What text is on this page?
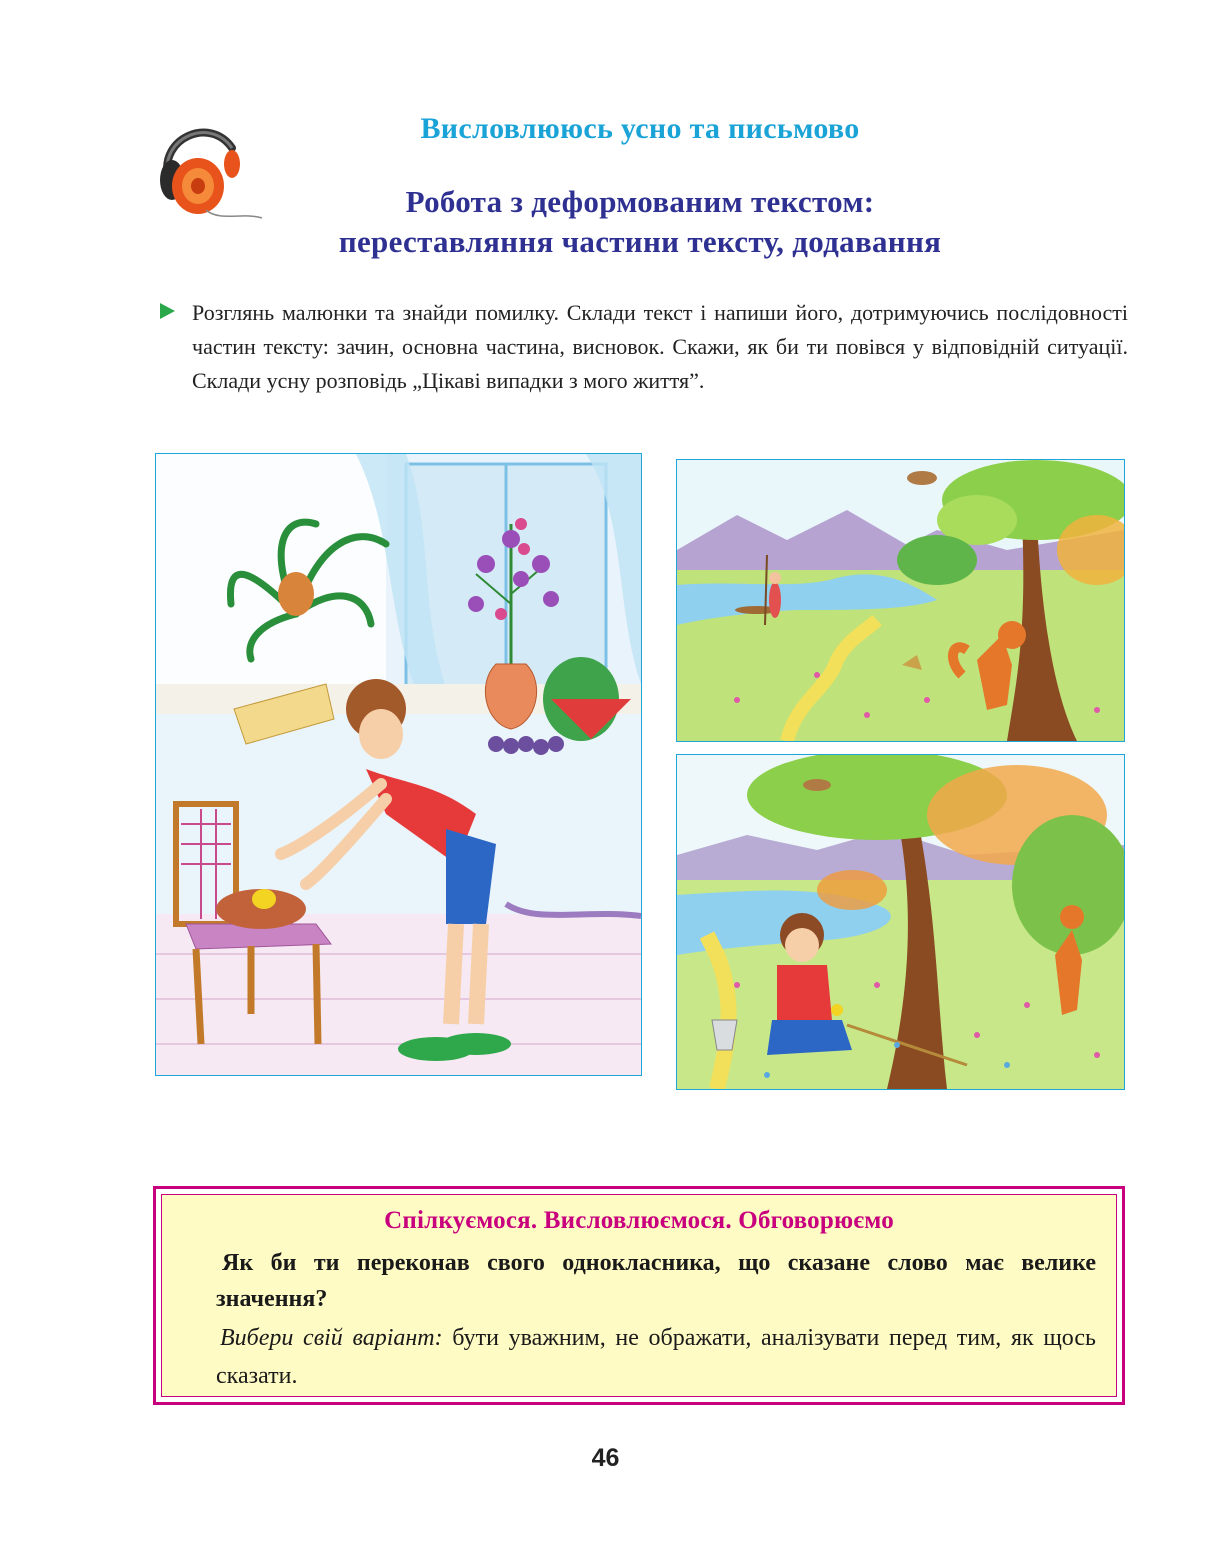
Висловлююсь усно та письмово
Робота з деформованим текстом:
переставляння частини тексту, додавання
Розглянь малюнки та знайди помилку. Склади текст і напиши його, дотримуючись послідовності частин тексту: зачин, основна частина, висновок. Скажи, як би ти повівся у відповідній ситуації. Склади усну розповідь „Цікаві випадки з мого життя”.
Спілкуємося. Висловлюємося. Обговорюємо
Як би ти переконав свого однокласника, що сказане слово має велике значення?
Вибери свій варіант: бути уважним, не ображати, аналізувати перед тим, як щось сказати.
46
